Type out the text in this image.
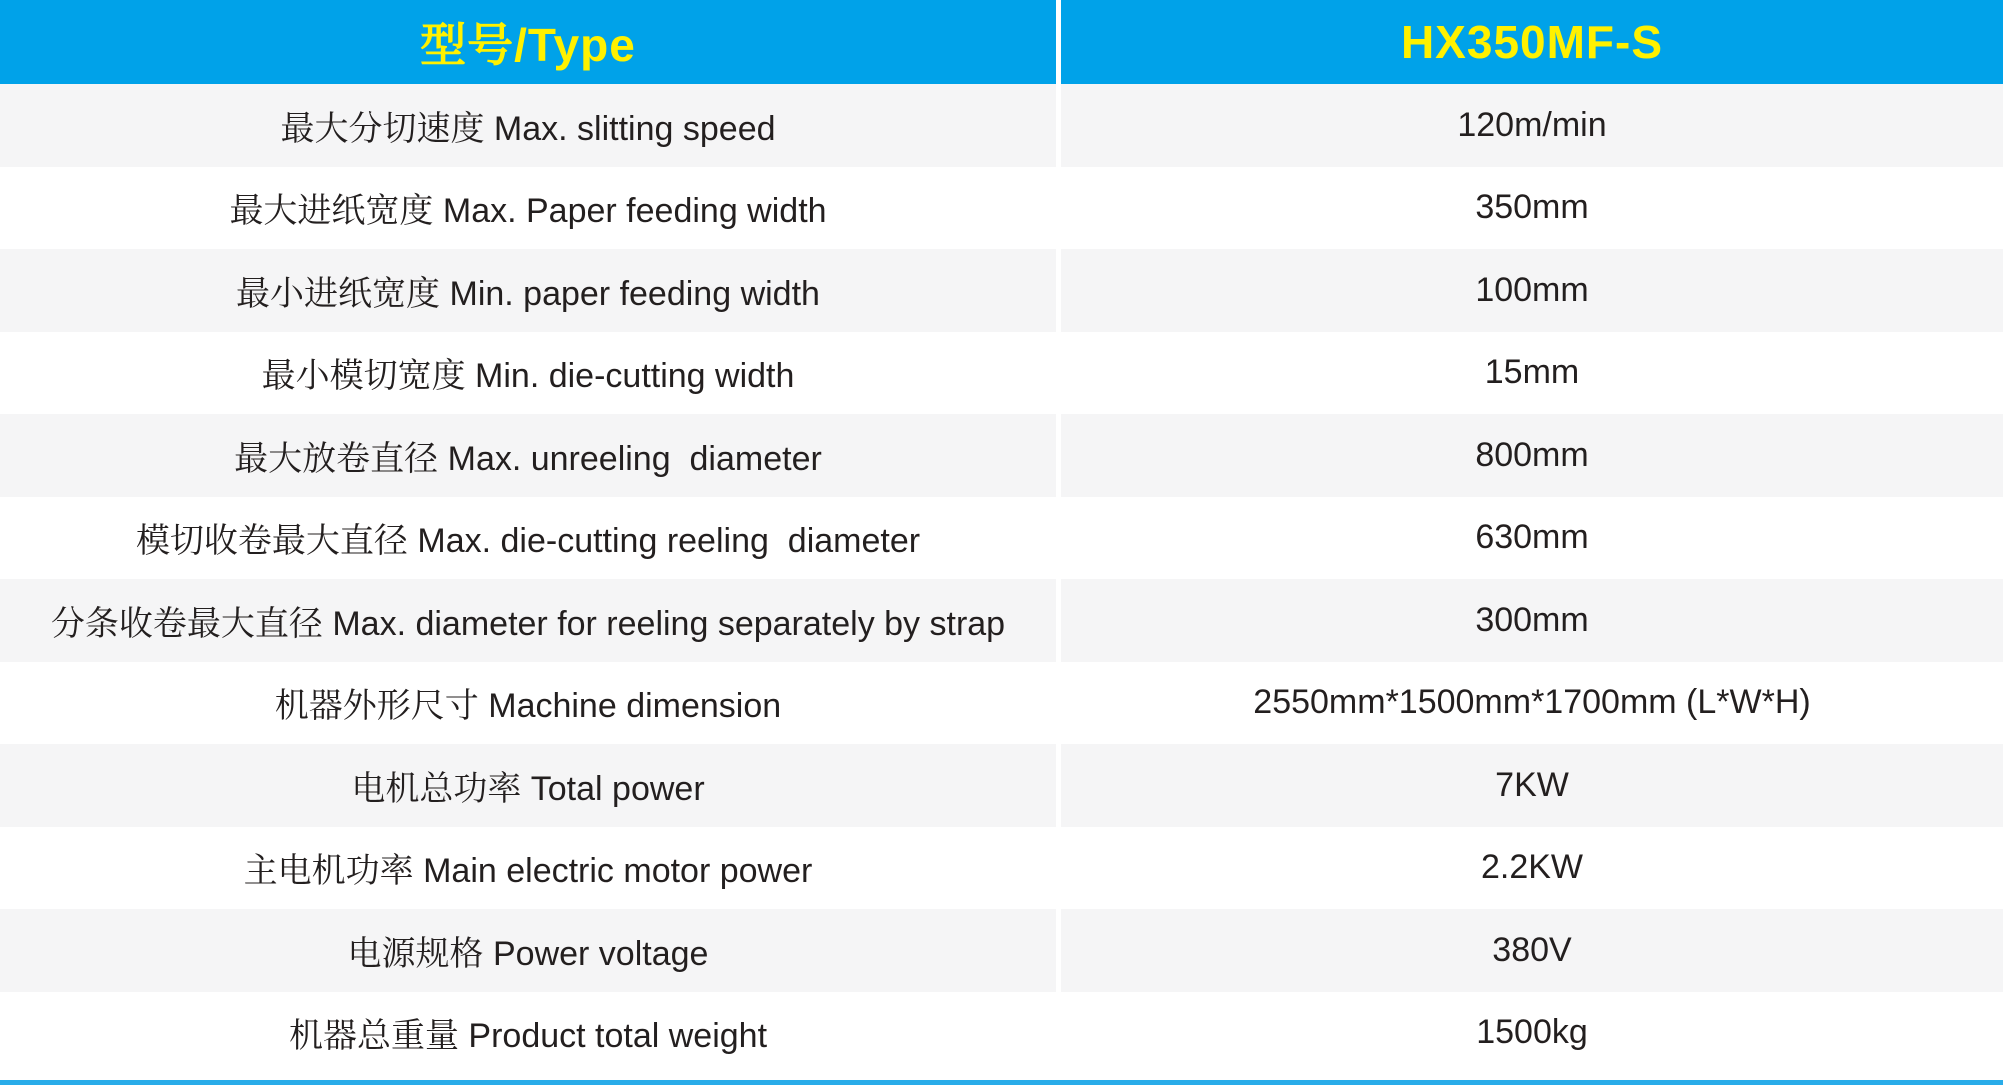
型号/Type	HX350MF-S
最大分切速度 Max. slitting speed	120m/min
最大进纸宽度 Max. Paper feeding width	350mm
最小进纸宽度 Min. paper feeding width	100mm
最小模切宽度 Min. die-cutting width	15mm
最大放卷直径 Max. unreeling  diameter	800mm
模切收卷最大直径 Max. die-cutting reeling  diameter	630mm
分条收卷最大直径 Max. diameter for reeling separately by strap	300mm
机器外形尺寸 Machine dimension	2550mm*1500mm*1700mm (L*W*H)
电机总功率 Total power	7KW
主电机功率 Main electric motor power	2.2KW
电源规格 Power voltage	380V
机器总重量 Product total weight	1500kg
